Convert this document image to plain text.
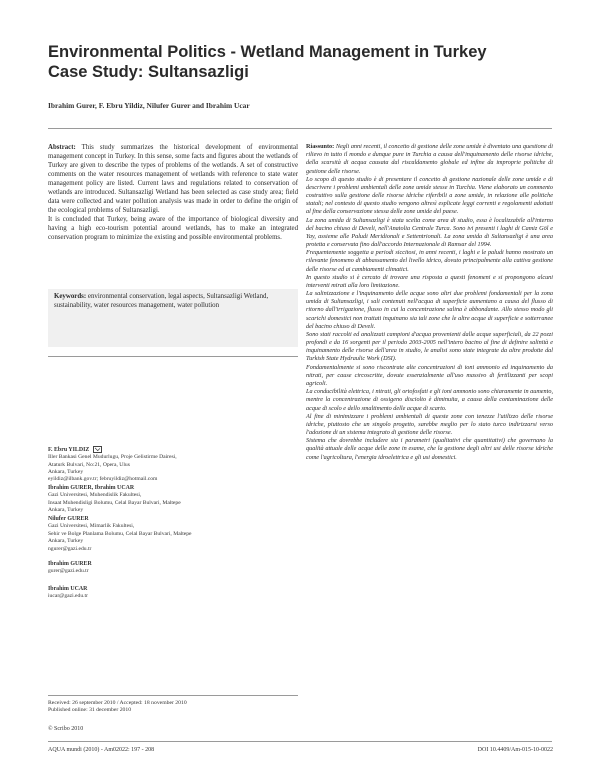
Environmental Politics - Wetland Management in Turkey
Case Study: Sultansazligi
Ibrahim Gurer, F. Ebru Yildiz, Nilufer Gurer and Ibrahim Ucar

Abstract: This study summarizes the historical development of environmental management concept in Turkey. In this sense, some facts and figures about the wetlands of Turkey are given to describe the types of problems of the wetlands. A set of constructive comments on the water resources management of wetlands with reference to state water management policy are listed. Current laws and regulations related to conservation of wetlands are introduced. Sultansazligi Wetland has been selected as case study area; field data were collected and water pollution analysis was made in order to define the origin of the ecological problems of Sultansazligi.

It is concluded that Turkey, being aware of the importance of biological diversity and having a high eco-tourism potential around wetlands, has to make an integrated conservation program to minimize the existing and possible environmental problems.

Keywords: environmental conservation, legal aspects, Sultansazligi Wetland, sustainability, water resources management, water pollution
F. Ebru YILDIZ
Iller Bankasi Genel Mudurlugu, Proje Gelistirme Dairesi,
Ataturk Bulvari, No:21, Opera, Ulus
Ankara, Turkey
eyildiz@ilbank.gov.tr; februyildiz@hotmail.com
Ibrahim GURER, Ibrahim UCAR
Gazi Universitesi, Muhendislik Fakultesi,
Insaat Muhendisligi Bolumu, Celal Bayar Bulvari, Maltepe
Ankara, Turkey
Nilufer GURER
Gazi Universitesi, Mimarlik Fakultesi,
Sehir ve Bolge Planlama Bolumu, Celal Bayar Bulvari, Maltepe
Ankara, Turkey
ngurer@gazi.edu.tr
Ibrahim GURER
gurer@gazi.edu.tr
Ibrahim UCAR
iucar@gazi.edu.tr
Received: 26 september 2010 / Accepted: 18 november 2010
Published online: 31 december 2010
© Scribo 2010

Riassunto: Negli anni recenti, il concetto di gestione delle zone umide è diventato una questione di rilievo in tutto il mondo e dunque pure in Turchia a causa dell'inquinamento delle risorse idriche, della scarsità di acqua causata dal riscaldamento globale ed infine da improprie politiche di gestione delle risorse.

Lo scopo di questo studio è di presentare il concetto di gestione nazionale delle zone umide e di descrivere i problemi ambientali delle zone umide stesse in Turchia. Viene elaborato un commento costruttivo sulla gestione delle risorse idriche riferibili a zone umide, in relazione alle politiche statali; nel contesto di questo studio vengono altresì esplicate leggi correnti e regolamenti adottati al fine della conservazione stessa delle zone umide del paese.

La zona umida di Sultansazligi è stata scelta come area di studio, essa è localizzabile all'interno del bacino chiuso di Develi, nell'Anatolia Centrale Turca. Sono ivi presenti i laghi di Camiz Göl e Yay, assieme alle Paludi Meridionali e Settentrionali. La zona umida di Sultansazligi è una area protetta e conservata fino dall'accordo Internazionale di Ramsar del 1994.

Frequentemente soggetta a periodi siccitosi, in anni recenti, i laghi e le paludi hanno mostrato un rilevante fenomeno di abbassamento del livello idrico, dovuto principalmente alla cattiva gestione delle risorse ed ai cambiamenti climatici.

In questo studio si è cercato di trovare una risposta a questi fenomeni e si propongono alcuni interventi mirati alla loro limitazione.

La salinizzazione e l'inquinamento delle acque sono altri due problemi fondamentali per la zona umida di Sultansazligi, i sali contenuti nell'acqua di superficie aumentano a causa del flusso di ritorno dall'irrigazione, flusso in cui la concentrazione salina è abbondante. Allo stesso modo gli scarichi domestici non trattati inquinano sia tali zone che le altre acque di superficie e sotterranee del bacino chiuso di Develi.

Sono stati raccolti ed analizzati campioni d'acqua provenienti dalle acque superficiali, da 22 pozzi profondi e da 16 sorgenti per il periodo 2003-2005 nell'intero bacino al fine di definire salinità e inquinamento delle risorse dell'area in studio, le analisi sono state integrate da altre prodotte dal Turkish State Hydraulic Work (DSI).

Fondamentalmente si sono riscontrate alte concentrazioni di ioni ammonio ed inquinamento da nitrati, per cause circoscritte, dovute essenzialmente all'uso massivo di fertilizzanti per scopi agricoli.

La conducibilità elettrica, i nitrati, gli ortofosfati e gli ioni ammonio sono chiaramente in aumento, mentre la concentrazione di ossigeno disciolto è diminuita, a causa della contaminazione delle acque di scolo e dello smaltimento delle acque di scarto.

Al fine di minimizzare i problemi ambientali di queste zone con tenezze l'utilizzo delle risorse idriche, piuttosto che un singolo progetto, sarebbe meglio per lo stato turco indirizzarsi verso l'adozione di un sistema integrato di gestione delle risorse.

Sistema che dovrebbe includere sia i parametri (qualitativi che quantitativi) che governano la qualità attuale delle acque delle zone in esame, che la gestione degli altri usi delle risorse idriche come l'agricoltura, l'energia idroelettrica e gli usi domestici.

AQUA mundi (2010) - Am02022: 197 - 208	DOI 10.4409/Am-015-10-0022
